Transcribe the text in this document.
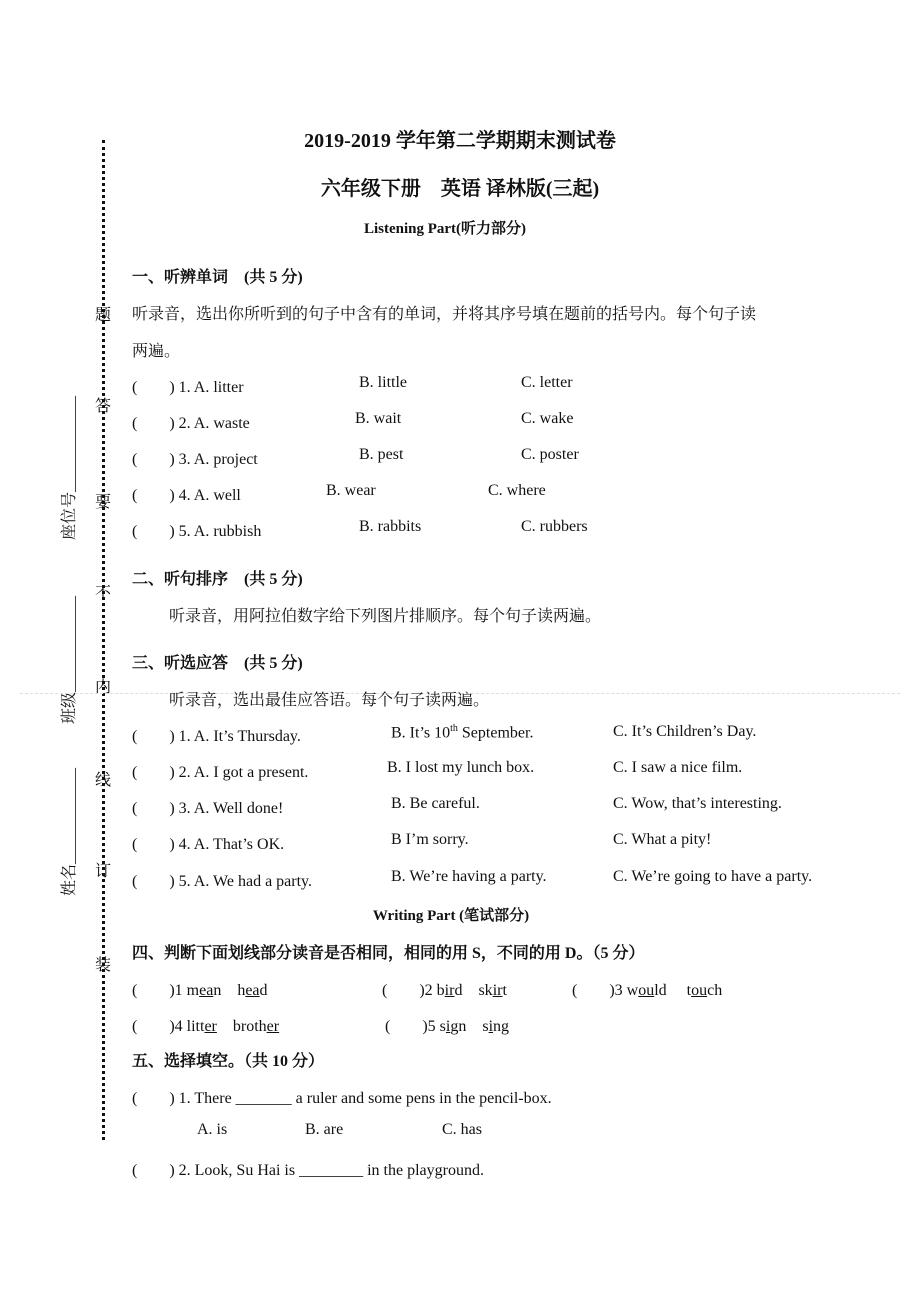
题
答
要
不
内
线
订
装
座位号____________
班级____________
姓名____________
2019-2019 学年第二学期期末测试卷
六年级下册　英语 译林版(三起)
Listening Part(听力部分)
一、听辨单词　(共 5 分)
听录音，选出你所听到的句子中含有的单词，并将其序号填在题前的括号内。每个句子读
两遍。
(　　) 1. A. litter	B. little	C. letter
(　　) 2. A. waste	B. wait	C. wake
(　　) 3. A. project	B. pest	C. poster
(　　) 4. A. well	B. wear	C. where
(　　) 5. A. rubbish	B. rabbits	C. rubbers
二、听句排序　(共 5 分)
听录音，用阿拉伯数字给下列图片排顺序。每个句子读两遍。
三、听选应答　(共 5 分)
听录音，选出最佳应答语。每个句子读两遍。
(　　) 1. A. It’s Thursday.	B. It’s 10th September.	C. It’s Children’s Day.
(　　) 2. A. I got a present.	B. I lost my lunch box.	C. I saw a nice film.
(　　) 3. A. Well done!	B. Be careful.	C. Wow, that’s interesting.
(　　) 4. A. That’s OK.	B I’m sorry.	C. What a pity!
(　　) 5. A. We had a party.	B. We’re having a party.	C. We’re going to have a party.
Writing Part (笔试部分)
四、判断下面划线部分读音是否相同，相同的用 S，不同的用 D。（5 分）
(　　)1 mean　head	(　　)2 bird　skirt	(　　)3 would　 touch
(　　)4 litter　brother	(　　)5 sign　sing
五、选择填空。（共 10 分）
(　　) 1. There _______ a ruler and some pens in the pencil-box.
A. is	B. are	C. has
(　　) 2. Look, Su Hai is ________ in the playground.
